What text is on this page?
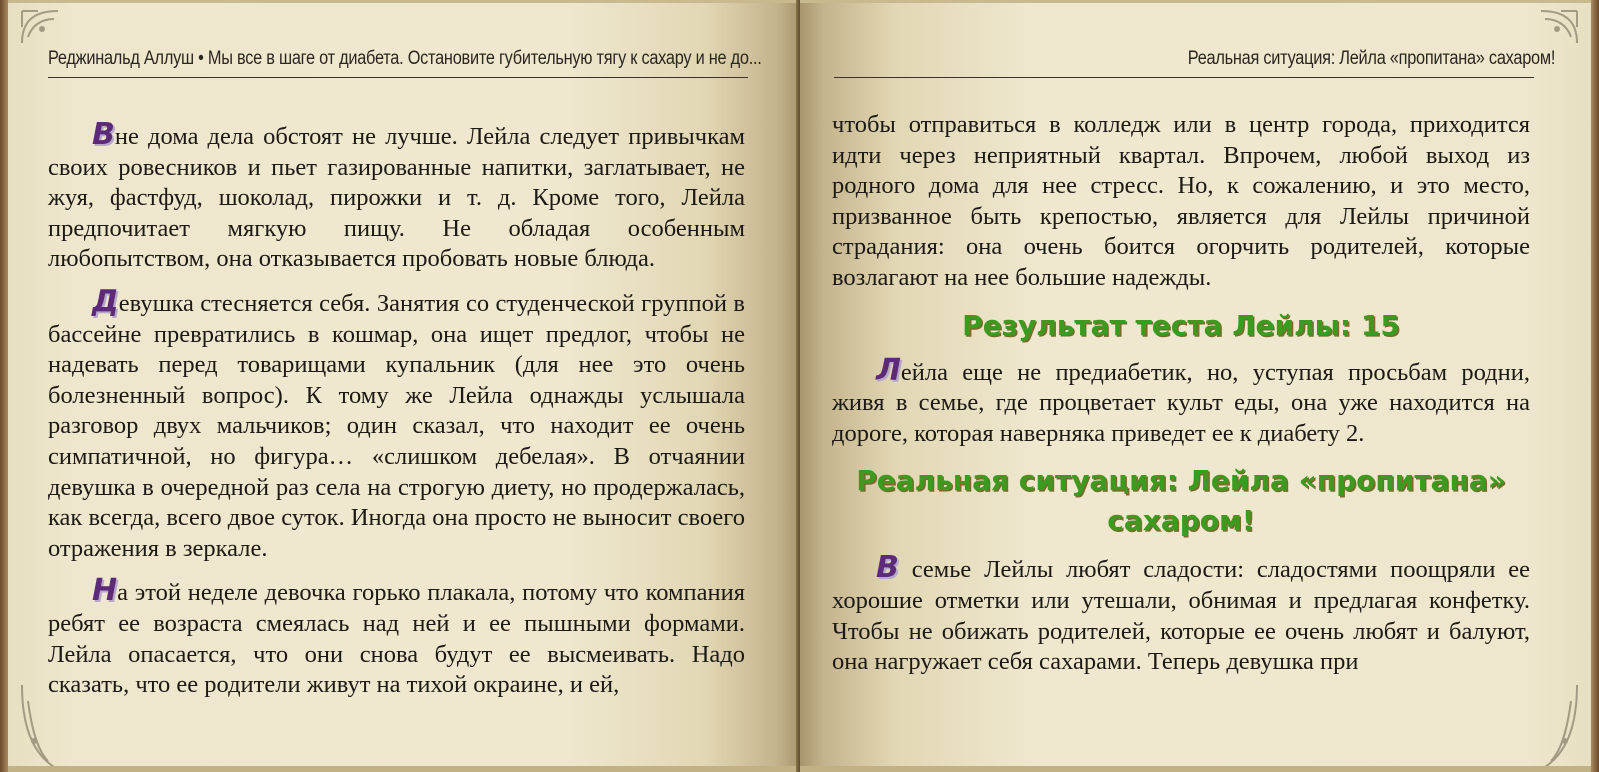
Реджинальд Аллуш • Мы все в шаге от диабета. Остановите губительную тягу к сахару и не до...

Вне дома дела обстоят не лучше. Лейла следует привычкам своих ровесников и пьет газированные напитки, заглатывает, не жуя, фастфуд, шоколад, пирожки и т. д. Кроме того, Лейла предпочитает мягкую пищу. Не обладая особенным любопытством, она отказывается пробовать новые блюда.

Девушка стесняется себя. Занятия со студенческой группой в бассейне превратились в кошмар, она ищет предлог, чтобы не надевать перед товарищами купальник (для нее это очень болезненный вопрос). К тому же Лейла однажды услышала разговор двух мальчиков; один сказал, что находит ее очень симпатичной, но фигура… «слишком дебелая». В отчаянии девушка в очередной раз села на строгую диету, но продержалась, как всегда, всего двое суток. Иногда она просто не выносит своего отражения в зеркале.

На этой неделе девочка горько плакала, потому что компания ребят ее возраста смеялась над ней и ее пышными формами. Лейла опасается, что они снова будут ее высмеивать. Надо сказать, что ее родители живут на тихой окраине, и ей,

Реальная ситуация: Лейла «пропитана» сахаром!

чтобы отправиться в колледж или в центр города, приходится идти через неприятный квартал. Впрочем, любой выход из родного дома для нее стресс. Но, к сожалению, и это место, призванное быть крепостью, является для Лейлы причиной страдания: она очень боится огорчить родителей, которые возлагают на нее большие надежды.

Результат теста Лейлы: 15

Лейла еще не предиабетик, но, уступая просьбам родни, живя в семье, где процветает культ еды, она уже находится на дороге, которая наверняка приведет ее к диабету 2.

Реальная ситуация: Лейла «пропитана»
сахаром!

В семье Лейлы любят сладости: сладостями поощряли ее хорошие отметки или утешали, обнимая и предлагая конфетку. Чтобы не обижать родителей, которые ее очень любят и балуют, она нагружает себя сахарами. Теперь девушка при
